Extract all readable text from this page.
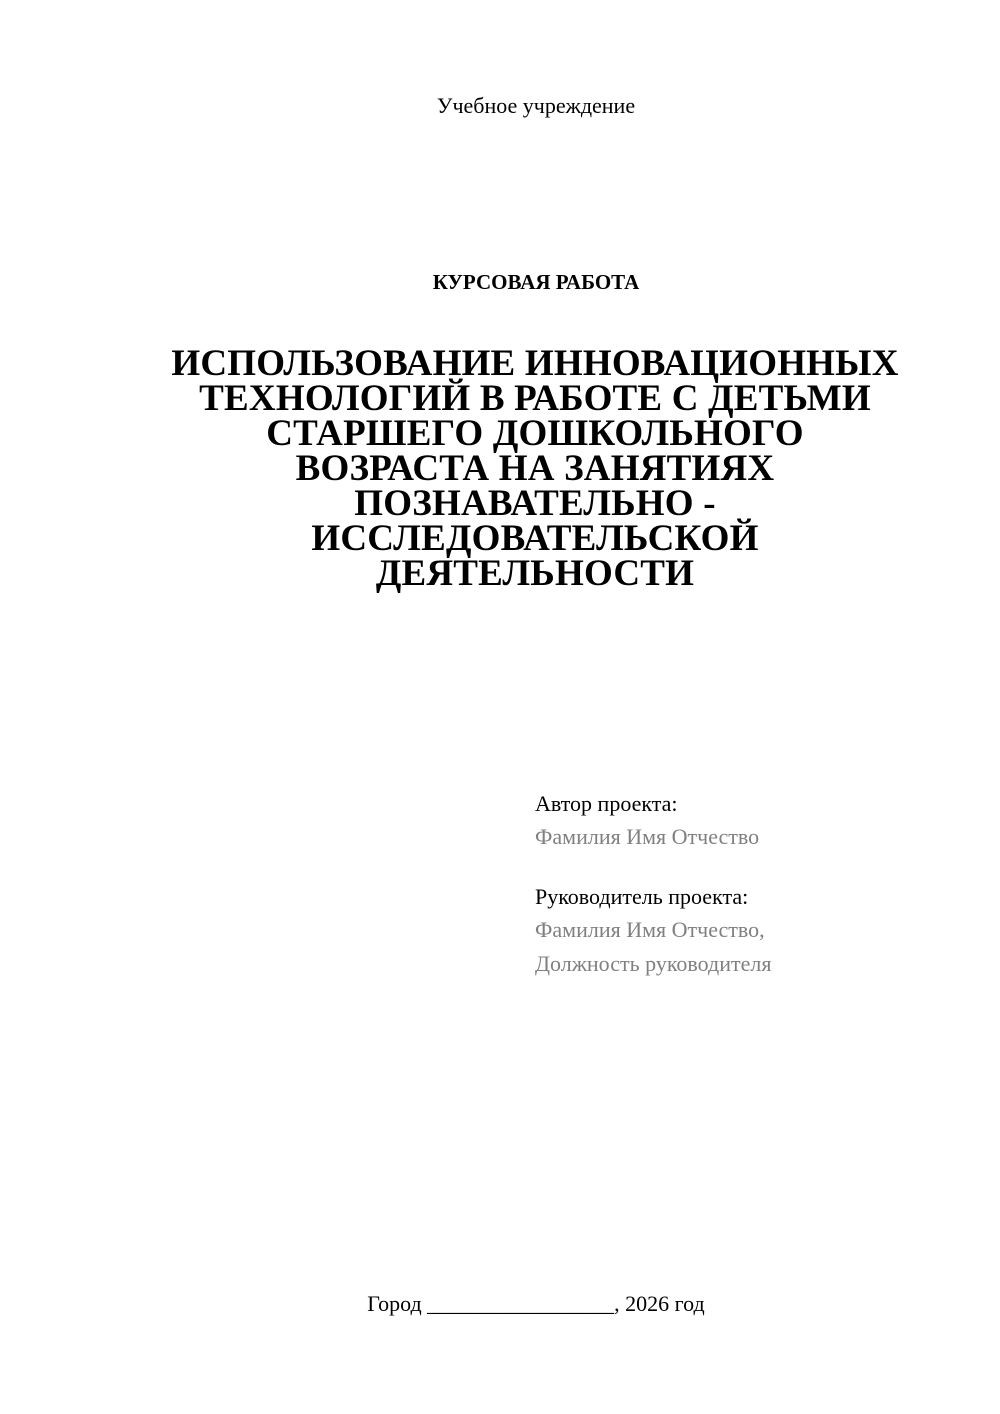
Учебное учреждение
КУРСОВАЯ РАБОТА
ИСПОЛЬЗОВАНИЕ ИННОВАЦИОННЫХ
ТЕХНОЛОГИЙ В РАБОТЕ С ДЕТЬМИ
СТАРШЕГО ДОШКОЛЬНОГО
ВОЗРАСТА НА ЗАНЯТИЯХ
ПОЗНАВАТЕЛЬНО -
ИССЛЕДОВАТЕЛЬСКОЙ
ДЕЯТЕЛЬНОСТИ
Автор проекта:
Фамилия Имя Отчество
Руководитель проекта:
Фамилия Имя Отчество,
Должность руководителя
Город _________________, 2026 год
